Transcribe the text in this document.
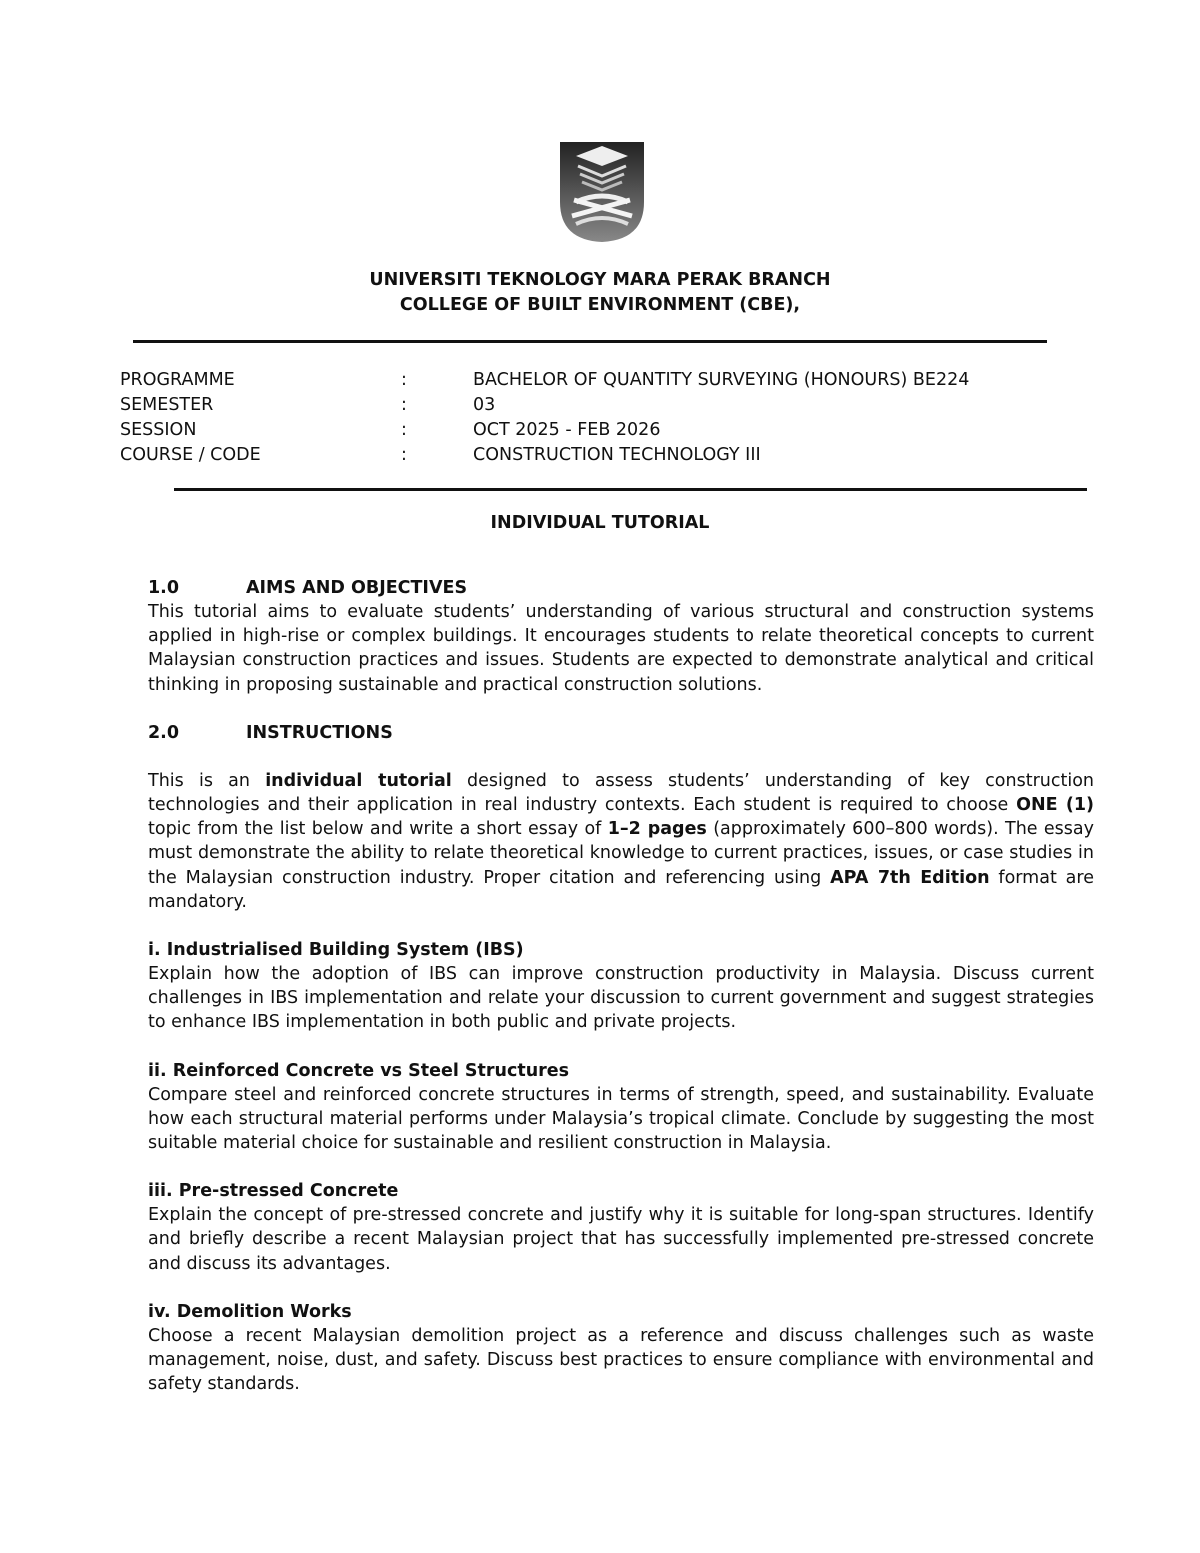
UNIVERSITI TEKNOLOGY MARA PERAK BRANCH
COLLEGE OF BUILT ENVIRONMENT (CBE),
PROGRAMME	:	BACHELOR OF QUANTITY SURVEYING (HONOURS) BE224
SEMESTER	:	03
SESSION	:	OCT 2025 - FEB 2026
COURSE / CODE	:	CONSTRUCTION TECHNOLOGY III
INDIVIDUAL TUTORIAL
1.0	AIMS AND OBJECTIVES

This tutorial aims to evaluate students’ understanding of various structural and construction systems applied in high-rise or complex buildings. It encourages students to relate theoretical concepts to current Malaysian construction practices and issues. Students are expected to demonstrate analytical and critical thinking in proposing sustainable and practical construction solutions.

2.0	INSTRUCTIONS

This is an individual tutorial designed to assess students’ understanding of key construction technologies and their application in real industry contexts. Each student is required to choose ONE (1) topic from the list below and write a short essay of 1–2 pages (approximately 600–800 words). The essay must demonstrate the ability to relate theoretical knowledge to current practices, issues, or case studies in the Malaysian construction industry. Proper citation and referencing using APA 7th Edition format are mandatory.

i. Industrialised Building System (IBS)

Explain how the adoption of IBS can improve construction productivity in Malaysia. Discuss current challenges in IBS implementation and relate your discussion to current government and suggest strategies to enhance IBS implementation in both public and private projects.

ii. Reinforced Concrete vs Steel Structures

Compare steel and reinforced concrete structures in terms of strength, speed, and sustainability. Evaluate how each structural material performs under Malaysia’s tropical climate. Conclude by suggesting the most suitable material choice for sustainable and resilient construction in Malaysia.

iii. Pre-stressed Concrete

Explain the concept of pre-stressed concrete and justify why it is suitable for long-span structures. Identify and briefly describe a recent Malaysian project that has successfully implemented pre-stressed concrete and discuss its advantages.

iv. Demolition Works

Choose a recent Malaysian demolition project as a reference and discuss challenges such as waste management, noise, dust, and safety. Discuss best practices to ensure compliance with environmental and safety standards.
